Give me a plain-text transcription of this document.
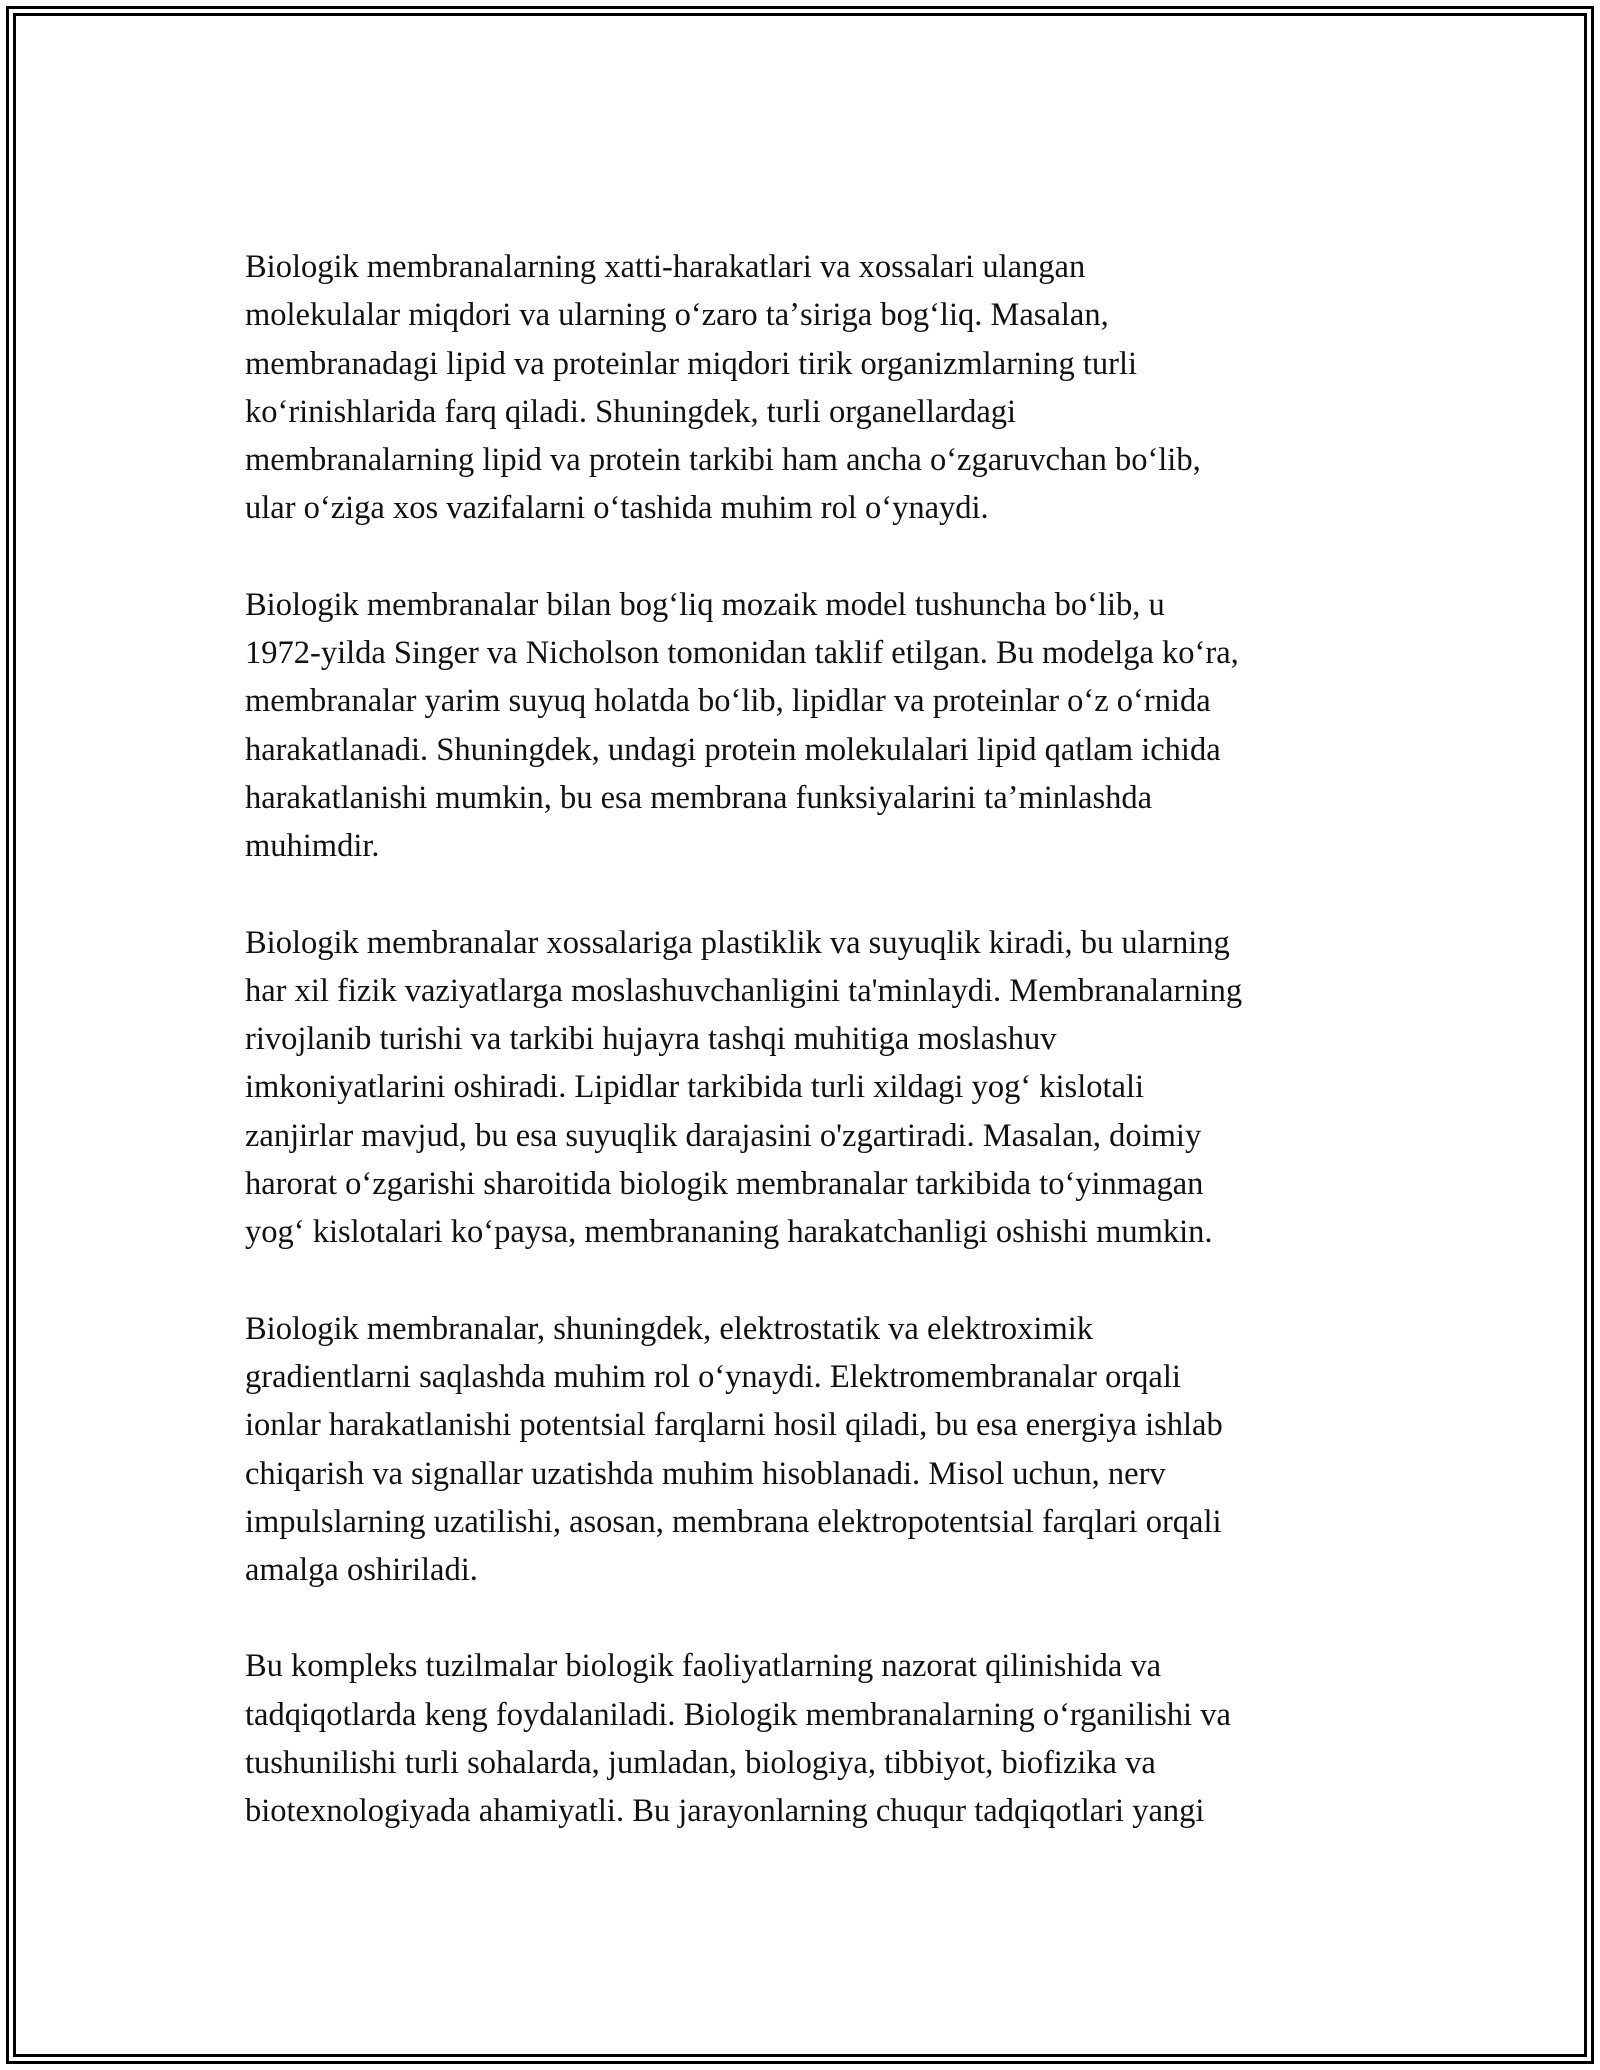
Biologik membranalarning xatti-harakatlari va xossalari ulangan
molekulalar miqdori va ularning oʻzaro taʼsiriga bogʻliq. Masalan,
membranadagi lipid va proteinlar miqdori tirik organizmlarning turli
koʻrinishlarida farq qiladi. Shuningdek, turli organellardagi
membranalarning lipid va protein tarkibi ham ancha oʻzgaruvchan boʻlib,
ular oʻziga xos vazifalarni oʻtashida muhim rol oʻynaydi.

Biologik membranalar bilan bogʻliq mozaik model tushuncha boʻlib, u
1972-yilda Singer va Nicholson tomonidan taklif etilgan. Bu modelga koʻra,
membranalar yarim suyuq holatda boʻlib, lipidlar va proteinlar oʻz oʻrnida
harakatlanadi. Shuningdek, undagi protein molekulalari lipid qatlam ichida
harakatlanishi mumkin, bu esa membrana funksiyalarini taʼminlashda
muhimdir.

Biologik membranalar xossalariga plastiklik va suyuqlik kiradi, bu ularning
har xil fizik vaziyatlarga moslashuvchanligini ta'minlaydi. Membranalarning
rivojlanib turishi va tarkibi hujayra tashqi muhitiga moslashuv
imkoniyatlarini oshiradi. Lipidlar tarkibida turli xildagi yogʻ kislotali
zanjirlar mavjud, bu esa suyuqlik darajasini o'zgartiradi. Masalan, doimiy
harorat oʻzgarishi sharoitida biologik membranalar tarkibida toʻyinmagan
yogʻ kislotalari koʻpaysa, membrananing harakatchanligi oshishi mumkin.

Biologik membranalar, shuningdek, elektrostatik va elektroximik
gradientlarni saqlashda muhim rol oʻynaydi. Elektromembranalar orqali
ionlar harakatlanishi potentsial farqlarni hosil qiladi, bu esa energiya ishlab
chiqarish va signallar uzatishda muhim hisoblanadi. Misol uchun, nerv
impulslarning uzatilishi, asosan, membrana elektropotentsial farqlari orqali
amalga oshiriladi.

Bu kompleks tuzilmalar biologik faoliyatlarning nazorat qilinishida va
tadqiqotlarda keng foydalaniladi. Biologik membranalarning oʻrganilishi va
tushunilishi turli sohalarda, jumladan, biologiya, tibbiyot, biofizika va
biotexnologiyada ahamiyatli. Bu jarayonlarning chuqur tadqiqotlari yangi
